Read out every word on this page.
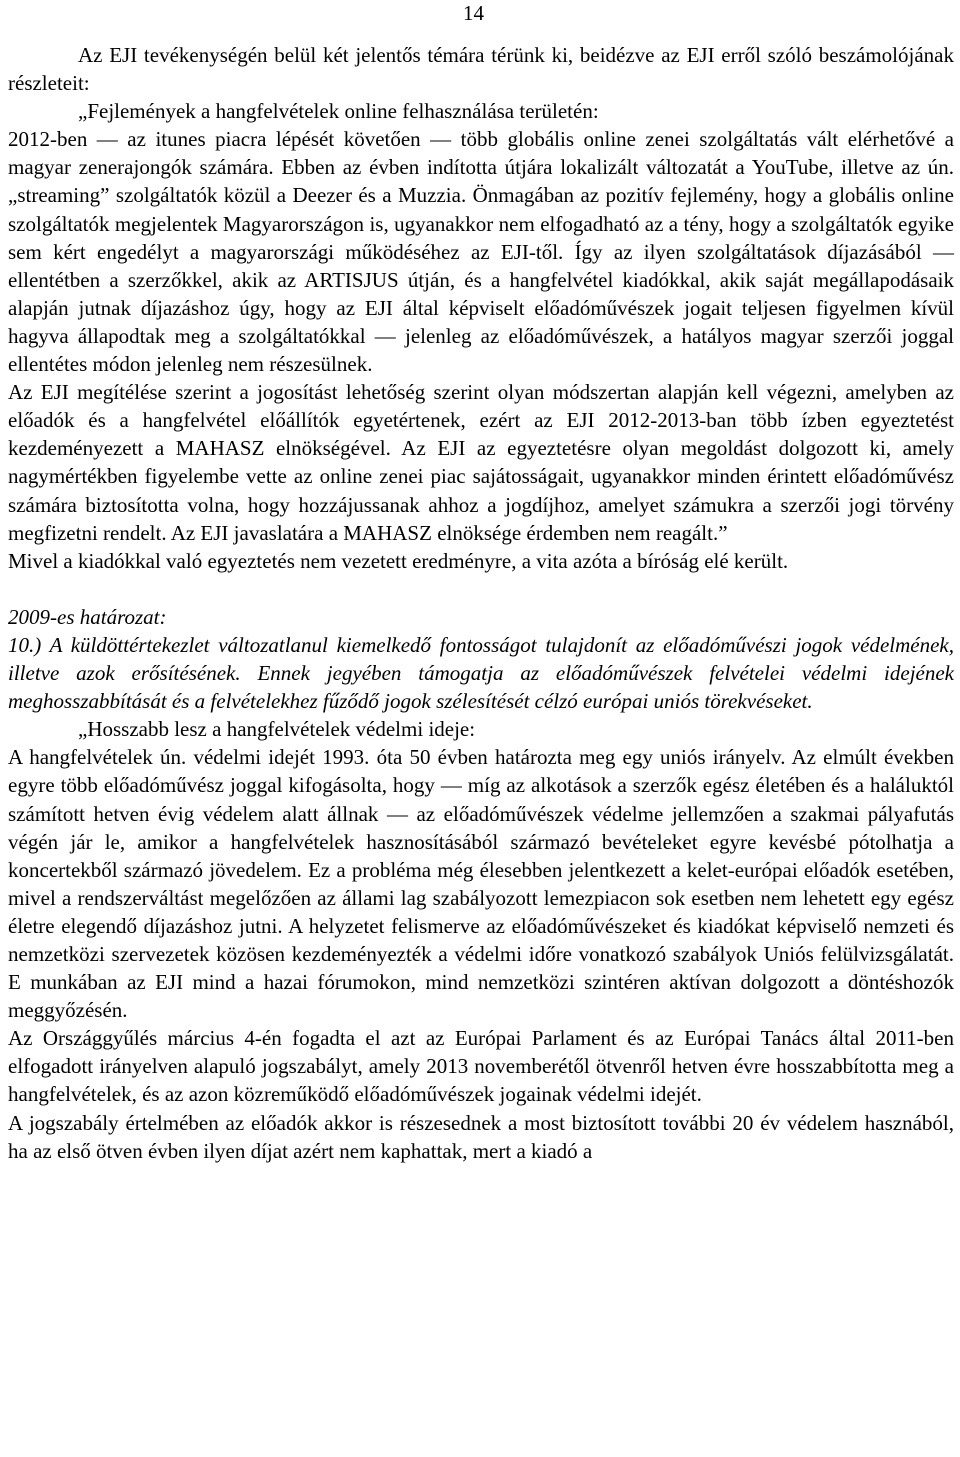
14

Az EJI tevékenységén belül két jelentős témára térünk ki, beidézve az EJI erről szóló beszámolójának részleteit:

„Fejlemények a hangfelvételek online felhasználása területén:

2012-ben — az itunes piacra lépését követően — több globális online zenei szolgáltatás vált elérhetővé a magyar zenerajongók számára. Ebben az évben indította útjára lokalizált változatát a YouTube, illetve az ún. „streaming” szolgáltatók közül a Deezer és a Muzzia. Önmagában az pozitív fejlemény, hogy a globális online szolgáltatók megjelentek Magyarországon is, ugyanakkor nem elfogadható az a tény, hogy a szolgáltatók egyike sem kért engedélyt a magyarországi működéséhez az EJI-től. Így az ilyen szolgáltatások díjazásából — ellentétben a szerzőkkel, akik az ARTISJUS útján, és a hangfelvétel kiadókkal, akik saját megállapodásaik alapján jutnak díjazáshoz úgy, hogy az EJI által képviselt előadóművészek jogait teljesen figyelmen kívül hagyva állapodtak meg a szolgáltatókkal — jelenleg az előadóművészek, a hatályos magyar szerzői joggal ellentétes módon jelenleg nem részesülnek.

Az EJI megítélése szerint a jogosítást lehetőség szerint olyan módszertan alapján kell végezni, amelyben az előadók és a hangfelvétel előállítók egyetértenek, ezért az EJI 2012-2013-ban több ízben egyeztetést kezdeményezett a MAHASZ elnökségével. Az EJI az egyeztetésre olyan megoldást dolgozott ki, amely nagymértékben figyelembe vette az online zenei piac sajátosságait, ugyanakkor minden érintett előadóművész számára biztosította volna, hogy hozzájussanak ahhoz a jogdíjhoz, amelyet számukra a szerzői jogi törvény megfizetni rendelt. Az EJI javaslatára a MAHASZ elnöksége érdemben nem reagált.”

Mivel a kiadókkal való egyeztetés nem vezetett eredményre, a vita azóta a bíróság elé került.

2009-es határozat:

10.) A küldöttértekezlet változatlanul kiemelkedő fontosságot tulajdonít az előadóművészi jogok védelmének, illetve azok erősítésének. Ennek jegyében támogatja az előadóművészek felvételei védelmi idejének meghosszabbítását és a felvételekhez fűződő jogok szélesítését célzó európai uniós törekvéseket.

„Hosszabb lesz a hangfelvételek védelmi ideje:

A hangfelvételek ún. védelmi idejét 1993. óta 50 évben határozta meg egy uniós irányelv. Az elmúlt években egyre több előadóművész joggal kifogásolta, hogy — míg az alkotások a szerzők egész életében és a haláluktól számított hetven évig védelem alatt állnak — az előadóművészek védelme jellemzően a szakmai pályafutás végén jár le, amikor a hangfelvételek hasznosításából származó bevételeket egyre kevésbé pótolhatja a koncertekből származó jövedelem. Ez a probléma még élesebben jelentkezett a kelet-európai előadók esetében, mivel a rendszerváltást megelőzően az állami lag szabályozott lemezpiacon sok esetben nem lehetett egy egész életre elegendő díjazáshoz jutni. A helyzetet felismerve az előadóművészeket és kiadókat képviselő nemzeti és nemzetközi szervezetek közösen kezdeményezték a védelmi időre vonatkozó szabályok Uniós felülvizsgálatát. E munkában az EJI mind a hazai fórumokon, mind nemzetközi szintéren aktívan dolgozott a döntéshozók meggyőzésén.

Az Országgyűlés március 4-én fogadta el azt az Európai Parlament és az Európai Tanács által 2011-ben elfogadott irányelven alapuló jogszabályt, amely 2013 novemberétől ötvenről hetven évre hosszabbította meg a hangfelvételek, és az azon közreműködő előadóművészek jogainak védelmi idejét.

A jogszabály értelmében az előadók akkor is részesednek a most biztosított további 20 év védelem hasznából, ha az első ötven évben ilyen díjat azért nem kaphattak, mert a kiadó a
